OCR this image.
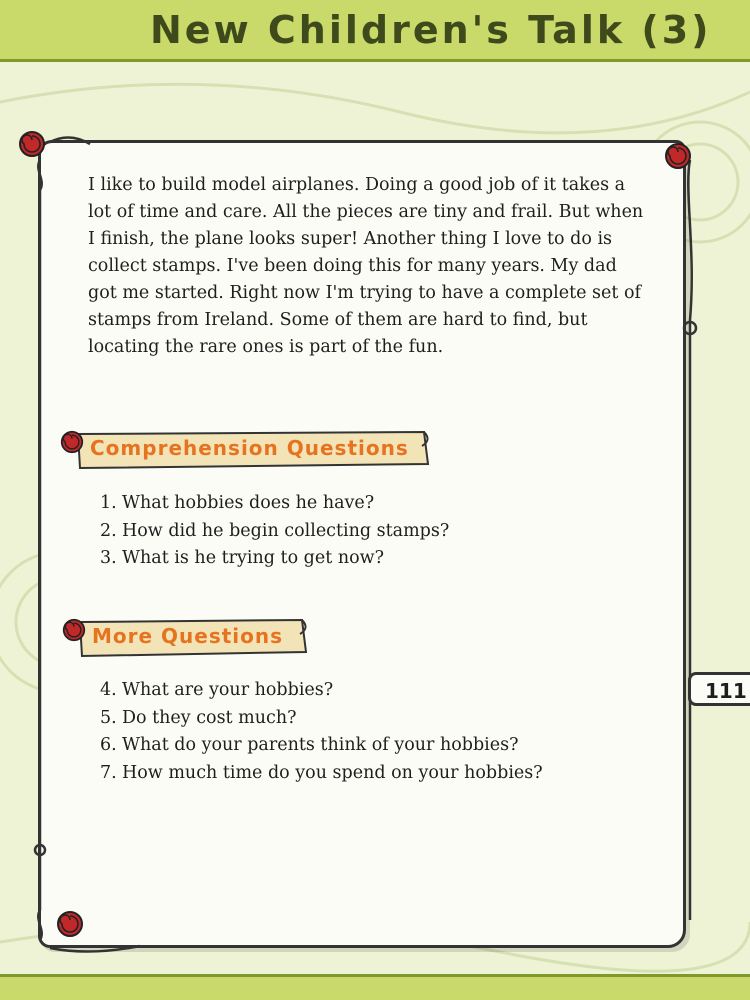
New Children's Talk (3)

I like to build model airplanes. Doing a good job of it takes a lot of time and care. All the pieces are tiny and frail. But when I finish, the plane looks super! Another thing I love to do is collect stamps. I've been doing this for many years. My dad got me started. Right now I'm trying to have a complete set of stamps from Ireland. Some of them are hard to find, but locating the rare ones is part of the fun.

Comprehension Questions
1. What hobbies does he have?
2. How did he begin collecting stamps?
3. What is he trying to get now?
More Questions
4. What are your hobbies?
5. Do they cost much?
6. What do your parents think of your hobbies?
7. How much time do you spend on your hobbies?
111
